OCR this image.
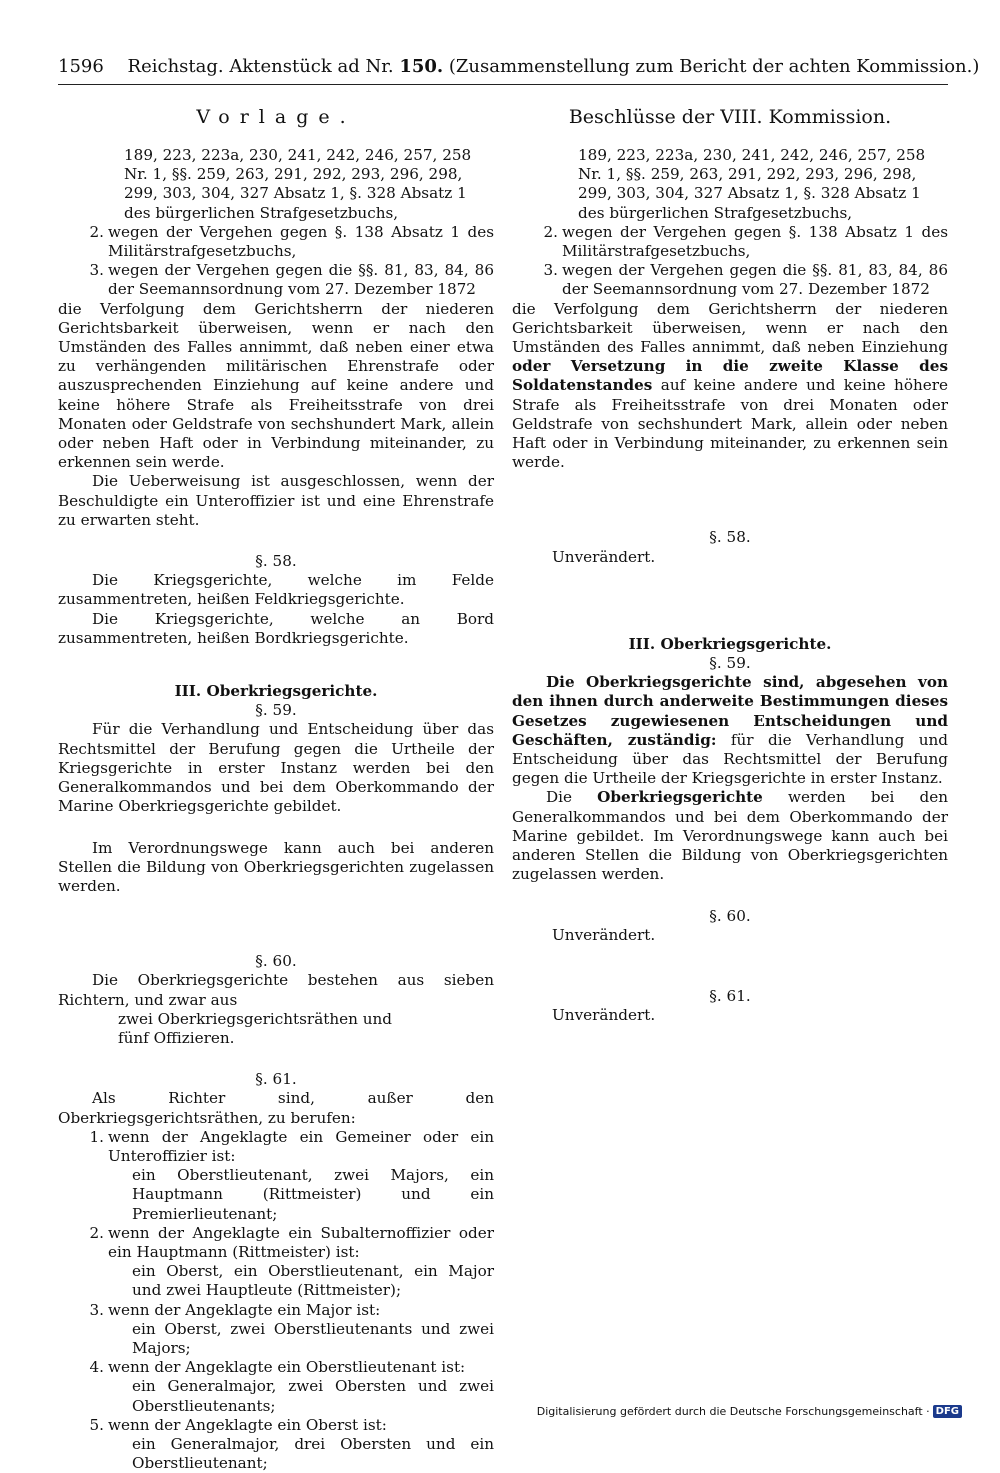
1596 Reichstag. Aktenstück ad Nr. 150. (Zusammenstellung zum Bericht der achten Kommission.)
Vorlage.
189, 223, 223a, 230, 241, 242, 246, 257, 258
Nr. 1, §§. 259, 263, 291, 292, 293, 296, 298,
299, 303, 304, 327 Absatz 1, §. 328 Absatz 1
des bürgerlichen Strafgesetzbuchs,
2. wegen der Vergehen gegen §. 138 Absatz 1 des Militärstrafgesetzbuchs,
3. wegen der Vergehen gegen die §§. 81, 83, 84, 86 der Seemannsordnung vom 27. Dezember 1872

die Verfolgung dem Gerichtsherrn der niederen Gerichtsbarkeit überweisen, wenn er nach den Umständen des Falles annimmt, daß neben einer etwa zu verhängenden militärischen Ehrenstrafe oder auszusprechenden Einziehung auf keine andere und keine höhere Strafe als Freiheitsstrafe von drei Monaten oder Geldstrafe von sechshundert Mark, allein oder neben Haft oder in Verbindung miteinander, zu erkennen sein werde.

Die Ueberweisung ist ausgeschlossen, wenn der Beschuldigte ein Unteroffizier ist und eine Ehrenstrafe zu erwarten steht.

§. 58.

Die Kriegsgerichte, welche im Felde zusammentreten, heißen Feldkriegsgerichte.

Die Kriegsgerichte, welche an Bord zusammentreten, heißen Bordkriegsgerichte.

III. Oberkriegsgerichte.

§. 59.

Für die Verhandlung und Entscheidung über das Rechtsmittel der Berufung gegen die Urtheile der Kriegsgerichte in erster Instanz werden bei den Generalkommandos und bei dem Oberkommando der Marine Oberkriegsgerichte gebildet.

Im Verordnungswege kann auch bei anderen Stellen die Bildung von Oberkriegsgerichten zugelassen werden.

§. 60.

Die Oberkriegsgerichte bestehen aus sieben Richtern, und zwar aus

zwei Oberkriegsgerichtsräthen und
fünf Offizieren.

§. 61.

Als Richter sind, außer den Oberkriegsgerichtsräthen, zu berufen:

1. wenn der Angeklagte ein Gemeiner oder ein Unteroffizier ist:
ein Oberstlieutenant, zwei Majors, ein Hauptmann (Rittmeister) und ein Premierlieutenant;
2. wenn der Angeklagte ein Subalternoffizier oder ein Hauptmann (Rittmeister) ist:
ein Oberst, ein Oberstlieutenant, ein Major und zwei Hauptleute (Rittmeister);
3. wenn der Angeklagte ein Major ist:
ein Oberst, zwei Oberstlieutenants und zwei Majors;
4. wenn der Angeklagte ein Oberstlieutenant ist:
ein Generalmajor, zwei Obersten und zwei Oberstlieutenants;
5. wenn der Angeklagte ein Oberst ist:
ein Generalmajor, drei Obersten und ein Oberstlieutenant;
Beschlüsse der VIII. Kommission.
189, 223, 223a, 230, 241, 242, 246, 257, 258
Nr. 1, §§. 259, 263, 291, 292, 293, 296, 298,
299, 303, 304, 327 Absatz 1, §. 328 Absatz 1
des bürgerlichen Strafgesetzbuchs,
2. wegen der Vergehen gegen §. 138 Absatz 1 des Militärstrafgesetzbuchs,
3. wegen der Vergehen gegen die §§. 81, 83, 84, 86 der Seemannsordnung vom 27. Dezember 1872

die Verfolgung dem Gerichtsherrn der niederen Gerichtsbarkeit überweisen, wenn er nach den Umständen des Falles annimmt, daß neben Einziehung oder Versetzung in die zweite Klasse des Soldatenstandes auf keine andere und keine höhere Strafe als Freiheitsstrafe von drei Monaten oder Geldstrafe von sechshundert Mark, allein oder neben Haft oder in Verbindung miteinander, zu erkennen sein werde.

§. 58.

Unverändert.

III. Oberkriegsgerichte.

§. 59.

Die Oberkriegsgerichte sind, abgesehen von den ihnen durch anderweite Bestimmungen dieses Gesetzes zugewiesenen Entscheidungen und Geschäften, zuständig: für die Verhandlung und Entscheidung über das Rechtsmittel der Berufung gegen die Urtheile der Kriegsgerichte in erster Instanz.

Die Oberkriegsgerichte werden bei den Generalkommandos und bei dem Oberkommando der Marine gebildet. Im Verordnungswege kann auch bei anderen Stellen die Bildung von Oberkriegsgerichten zugelassen werden.

§. 60.

Unverändert.

§. 61.

Unverändert.

Digitalisierung gefördert durch die Deutsche Forschungsgemeinschaft · DFG
